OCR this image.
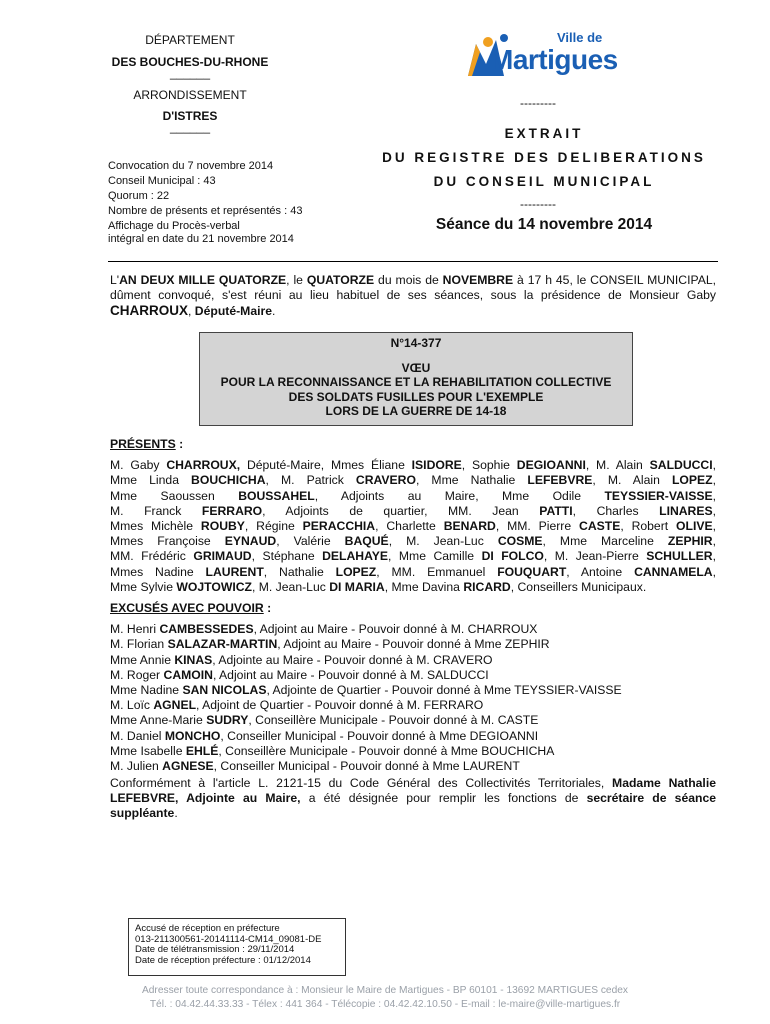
DÉPARTEMENT
DES BOUCHES-DU-RHONE
______
ARRONDISSEMENT
D'ISTRES
______
Convocation du 7 novembre 2014
Conseil Municipal : 43
Quorum : 22
Nombre de présents et représentés : 43
Affichage du Procès-verbal
intégral en date du 21 novembre 2014
Ville de
Martigues
---------
EXTRAIT
DU REGISTRE DES DELIBERATIONS
DU CONSEIL MUNICIPAL
---------
Séance du 14 novembre 2014
L'AN DEUX MILLE QUATORZE, le QUATORZE du mois de NOVEMBRE à 17 h 45, le CONSEIL MUNICIPAL, dûment convoqué, s'est réuni au lieu habituel de ses séances, sous la présidence de Monsieur Gaby CHARROUX, Député-Maire.
N°14-377
VŒU
POUR LA RECONNAISSANCE ET LA REHABILITATION COLLECTIVE
DES SOLDATS FUSILLES POUR L'EXEMPLE
LORS DE LA GUERRE DE 14-18
PRÉSENTS :
M. Gaby CHARROUX, Député-Maire, Mmes Éliane ISIDORE, Sophie DEGIOANNI, M. Alain SALDUCCI,
Mme Linda BOUCHICHA, M. Patrick CRAVERO, Mme Nathalie LEFEBVRE, M. Alain LOPEZ,
Mme Saoussen BOUSSAHEL, Adjoints au Maire, Mme Odile TEYSSIER-VAISSE,
M. Franck FERRARO, Adjoints de quartier, MM. Jean PATTI, Charles LINARES,
Mmes Michèle ROUBY, Régine PERACCHIA, Charlette BENARD, MM. Pierre CASTE, Robert OLIVE,
Mmes Françoise EYNAUD, Valérie BAQUÉ, M. Jean-Luc COSME, Mme Marceline ZEPHIR,
MM. Frédéric GRIMAUD, Stéphane DELAHAYE, Mme Camille DI FOLCO, M. Jean-Pierre SCHULLER,
Mmes Nadine LAURENT, Nathalie LOPEZ, MM. Emmanuel FOUQUART, Antoine CANNAMELA,
Mme Sylvie WOJTOWICZ, M. Jean-Luc DI MARIA, Mme Davina RICARD, Conseillers Municipaux.
EXCUSÉS AVEC POUVOIR :
M. Henri CAMBESSEDES, Adjoint au Maire - Pouvoir donné à M. CHARROUX
M. Florian SALAZAR-MARTIN, Adjoint au Maire - Pouvoir donné à Mme ZEPHIR
Mme Annie KINAS, Adjointe au Maire - Pouvoir donné à M. CRAVERO
M. Roger CAMOIN, Adjoint au Maire - Pouvoir donné à M. SALDUCCI
Mme Nadine SAN NICOLAS, Adjointe de Quartier - Pouvoir donné à Mme TEYSSIER-VAISSE
M. Loïc AGNEL, Adjoint de Quartier - Pouvoir donné à M. FERRARO
Mme Anne-Marie SUDRY, Conseillère Municipale - Pouvoir donné à M. CASTE
M. Daniel MONCHO, Conseiller Municipal - Pouvoir donné à Mme DEGIOANNI
Mme Isabelle EHLÉ, Conseillère Municipale - Pouvoir donné à Mme BOUCHICHA
M. Julien AGNESE, Conseiller Municipal - Pouvoir donné à Mme LAURENT
Conformément à l'article L. 2121-15 du Code Général des Collectivités Territoriales, Madame Nathalie LEFEBVRE, Adjointe au Maire, a été désignée pour remplir les fonctions de secrétaire de séance suppléante.
Accusé de réception en préfecture
013-211300561-20141114-CM14_09081-DE
Date de télétransmission : 29/11/2014
Date de réception préfecture : 01/12/2014
Adresser toute correspondance à : Monsieur le Maire de Martigues - BP 60101 - 13692 MARTIGUES cedex
Tél. : 04.42.44.33.33 - Télex : 441 364 - Télécopie : 04.42.42.10.50 - E-mail : le-maire@ville-martigues.fr
